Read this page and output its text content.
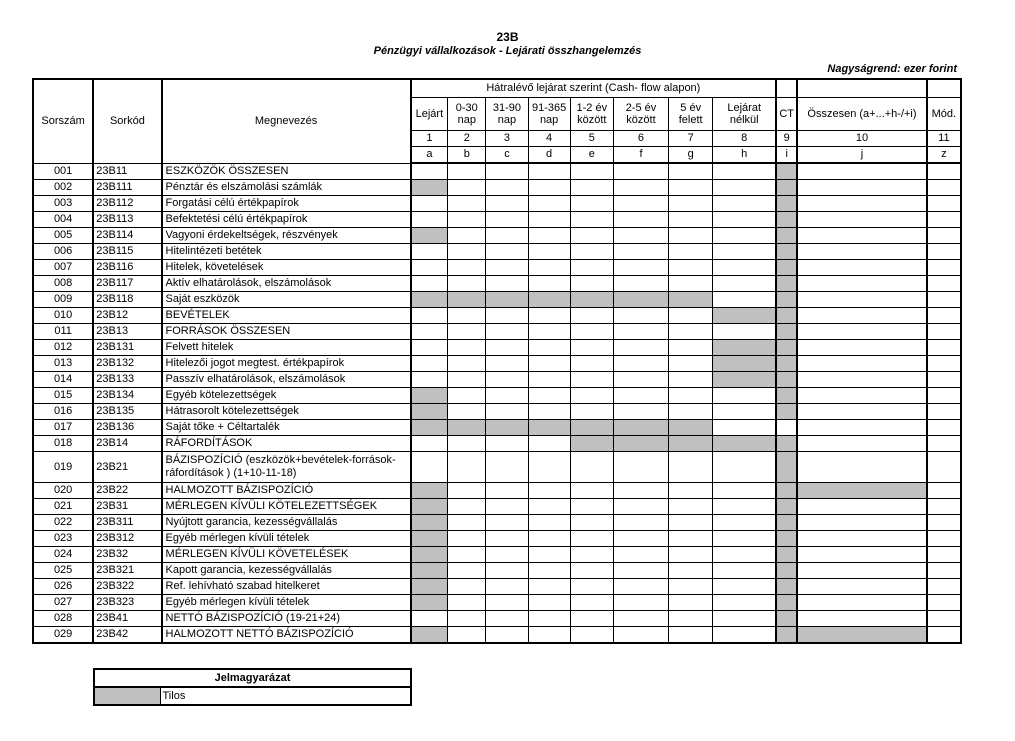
23B
Pénzügyi vállalkozások - Lejárati összhangelemzés
Nagyságrend: ezer forint
Sorszám	Sorkód	Megnevezés	Hátralévő lejárat szerint (Cash- flow alapon)										
			Lejárt	0-30 nap	31-90 nap	91-365 nap	1-2 év között	2-5 év között	5 év felett	Lejárat nélkül	CT	Összesen (a+...+h-/+i)	Mód.
			1	2	3	4	5	6	7	8	9	10	11
			a	b	c	d	e	f	g	h	i	j	z
001	23B11	ESZKÖZÖK ÖSSZESEN											
002	23B111	Pénztár és elszámolási számlák											
003	23B112	Forgatási célú értékpapírok											
004	23B113	Befektetési célú értékpapírok											
005	23B114	Vagyoni érdekeltségek, részvények											
006	23B115	Hitelintézeti betétek											
007	23B116	Hitelek, követelések											
008	23B117	Aktív elhatárolások, elszámolások											
009	23B118	Saját eszközök											
010	23B12	BEVÉTELEK											
011	23B13	FORRÁSOK ÖSSZESEN											
012	23B131	Felvett hitelek											
013	23B132	Hitelezői jogot megtest. értékpapírok											
014	23B133	Passzív elhatárolások, elszámolások											
015	23B134	Egyéb kötelezettségek											
016	23B135	Hátrasorolt kötelezettségek											
017	23B136	Saját tőke + Céltartalék											
018	23B14	RÁFORDÍTÁSOK											
019	23B21	BÁZISPOZÍCIÓ (eszközök+bevételek-források-ráfordítások ) (1+10-11-18)											
020	23B22	HALMOZOTT BÁZISPOZÍCIÓ											
021	23B31	MÉRLEGEN KÍVÜLI KÖTELEZETTSÉGEK											
022	23B311	Nyújtott garancia, kezességvállalás											
023	23B312	Egyéb mérlegen kívüli tételek											
024	23B32	MÉRLEGEN KÍVÜLI KÖVETELÉSEK											
025	23B321	Kapott garancia, kezességvállalás											
026	23B322	Ref. lehívható szabad hitelkeret											
027	23B323	Egyéb mérlegen kívüli tételek											
028	23B41	NETTÓ BÁZISPOZÍCIÓ (19-21+24)											
029	23B42	HALMOZOTT NETTÓ BÁZISPOZÍCIÓ											
Jelmagyarázat
	Tilos
